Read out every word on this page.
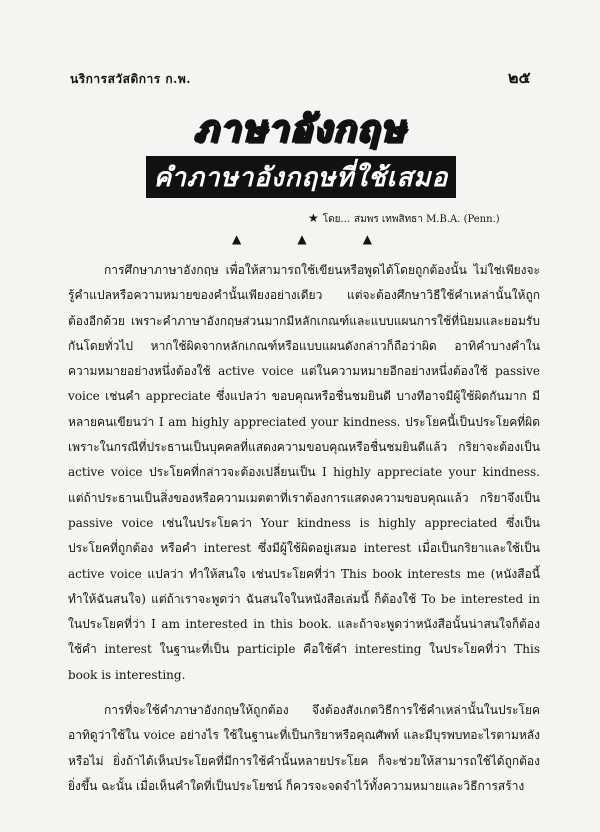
นริการสวัสดิการ ก.พ.	๒๕
ภาษาอังกฤษ
คำภาษาอังกฤษที่ใช้เสมอ
★ โดย... สมพร เทพสิทธา M.B.A. (Penn.)
▲	▲	▲

การศึกษาภาษาอังกฤษ เพื่อให้สามารถใช้เขียนหรือพูดได้โดยถูกต้องนั้น ไม่ใช่เพียงจะรู้คำแปลหรือความหมายของคำนั้นเพียงอย่างเดียว แต่จะต้องศึกษาวิธีใช้คำเหล่านั้นให้ถูกต้องอีกด้วย เพราะคำภาษาอังกฤษส่วนมากมีหลักเกณฑ์และแบบแผนการใช้ที่นิยมและยอมรับกันโดยทั่วไป หากใช้ผิดจากหลักเกณฑ์หรือแบบแผนดังกล่าวก็ถือว่าผิด อาทิคำบางคำในความหมายอย่างหนึ่งต้องใช้ active voice แต่ในความหมายอีกอย่างหนึ่งต้องใช้ passive voice เช่นคำ appreciate ซึ่งแปลว่า ขอบคุณหรือชื่นชมยินดี บางทีอาจมีผู้ใช้ผิดกันมาก มีหลายคนเขียนว่า I am highly appreciated your kindness. ประโยคนี้เป็นประโยคที่ผิด เพราะในกรณีที่ประธานเป็นบุคคลที่แสดงความขอบคุณหรือชื่นชมยินดีแล้ว กริยาจะต้องเป็น active voice ประโยคที่กล่าวจะต้องเปลี่ยนเป็น I highly appreciate your kindness. แต่ถ้าประธานเป็นสิ่งของหรือความเมตตาที่เราต้องการแสดงความขอบคุณแล้ว กริยาจึงเป็น passive voice เช่นในประโยคว่า Your kindness is highly appreciated ซึ่งเป็นประโยคที่ถูกต้อง หรือคำ interest ซึ่งมีผู้ใช้ผิดอยู่เสมอ interest เมื่อเป็นกริยาและใช้เป็น active voice แปลว่า ทำให้สนใจ เช่นประโยคที่ว่า This book interests me (หนังสือนี้ทำให้ฉันสนใจ) แต่ถ้าเราจะพูดว่า ฉันสนใจในหนังสือเล่มนี้ ก็ต้องใช้ To be interested in ในประโยคที่ว่า I am interested in this book. และถ้าจะพูดว่าหนังสือนั้นน่าสนใจก็ต้องใช้คำ interest ในฐานะที่เป็น participle คือใช้คำ interesting ในประโยคที่ว่า This book is interesting.

การที่จะใช้คำภาษาอังกฤษให้ถูกต้อง จึงต้องสังเกตวิธีการใช้คำเหล่านั้นในประโยคอาทิดูว่าใช้ใน voice อย่างไร ใช้ในฐานะที่เป็นกริยาหรือคุณศัพท์ และมีบุรพบทอะไรตามหลังหรือไม่ ยิ่งถ้าได้เห็นประโยคที่มีการใช้คำนั้นหลายประโยค ก็จะช่วยให้สามารถใช้ได้ถูกต้องยิ่งขึ้น ฉะนั้น เมื่อเห็นคำใดที่เป็นประโยชน์ ก็ควรจะจดจำไว้ทั้งความหมายและวิธีการสร้าง
